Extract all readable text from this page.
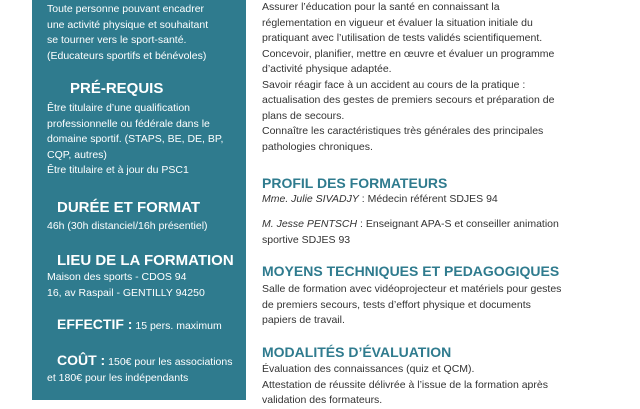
Toute personne pouvant encadrer
une activité physique et souhaitant
se tourner vers le sport-santé.
(Educateurs sportifs et bénévoles)

PRÉ-REQUIS

Être titulaire d’une qualification
professionnelle ou fédérale dans le
domaine sportif. (STAPS, BE, DE, BP,
CQP, autres)
Être titulaire et à jour du PSC1

DURÉE ET FORMAT

46h (30h distanciel/16h présentiel)

LIEU DE LA FORMATION

Maison des sports - CDOS 94
16, av Raspail - GENTILLY 94250

EFFECTIF : 15 pers. maximum
COÛT : 150€ pour les associations

et 180€ pour les indépendants

Assurer l’éducation pour la santé en connaissant la
réglementation en vigueur et évaluer la situation initiale du
pratiquant avec l’utilisation de tests validés scientifiquement.
Concevoir, planifier, mettre en œuvre et évaluer un programme
d’activité physique adaptée.
Savoir réagir face à un accident au cours de la pratique :
actualisation des gestes de premiers secours et préparation de
plans de secours.
Connaître les caractéristiques très générales des principales
pathologies chroniques.

PROFIL DES FORMATEURS

Mme. Julie SIVADJY : Médecin référent SDJES 94

M. Jesse PENTSCH : Enseignant APA-S et conseiller animation
sportive SDJES 93

MOYENS TECHNIQUES ET PEDAGOGIQUES

Salle de formation avec vidéoprojecteur et matériels pour gestes
de premiers secours, tests d’effort physique et documents
papiers de travail.

MODALITÉS D’ÉVALUATION

Évaluation des connaissances (quiz et QCM).
Attestation de réussite délivrée à l’issue de la formation après
validation des formateurs.
